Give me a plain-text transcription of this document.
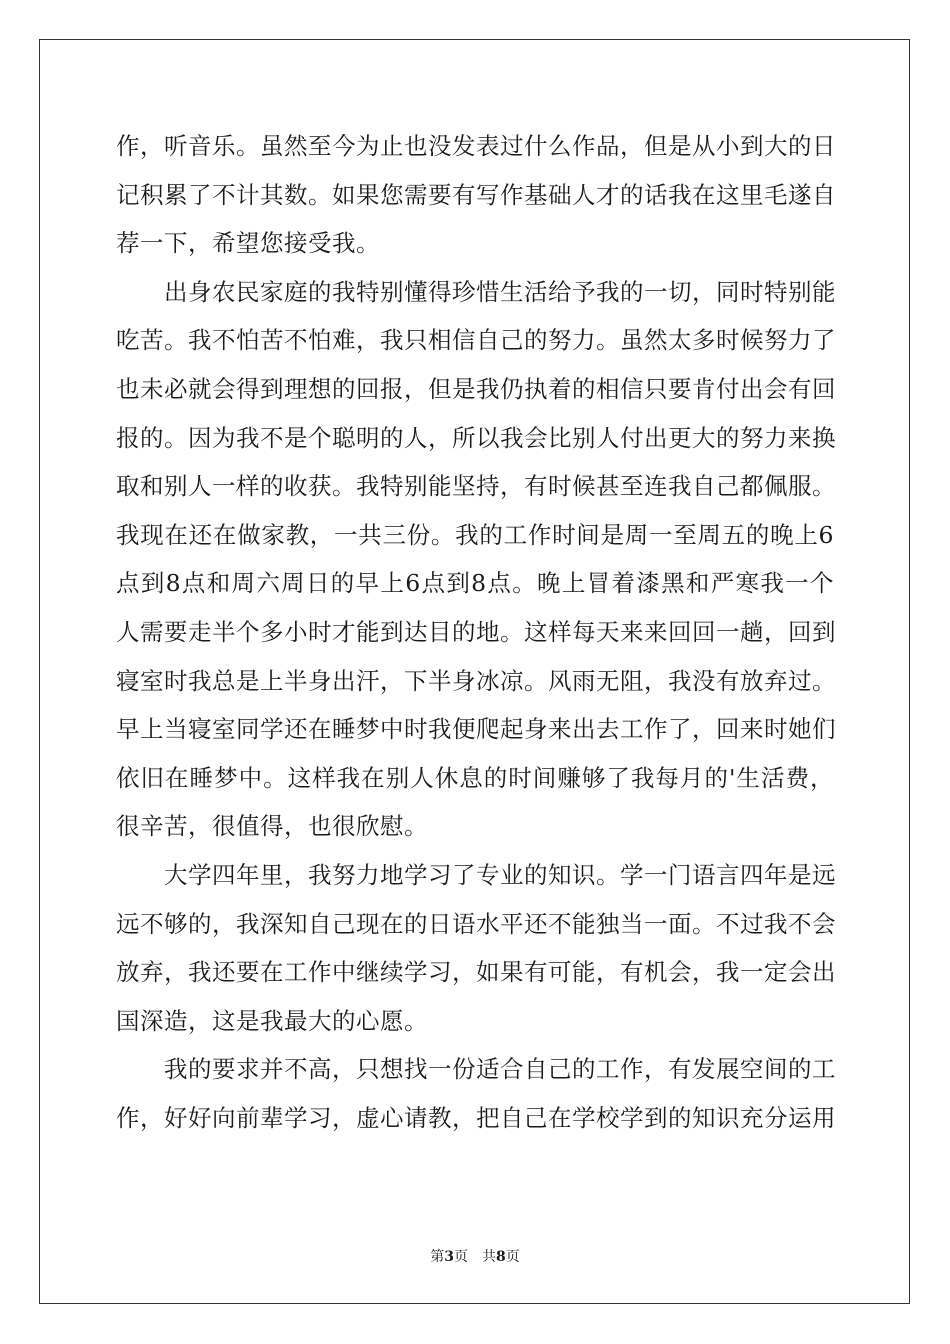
作，听音乐。虽然至今为止也没发表过什么作品，但是从小到大的日
记积累了不计其数。如果您需要有写作基础人才的话我在这里毛遂自
荐一下，希望您接受我。
出身农民家庭的我特别懂得珍惜生活给予我的一切，同时特别能
吃苦。我不怕苦不怕难，我只相信自己的努力。虽然太多时候努力了
也未必就会得到理想的回报，但是我仍执着的相信只要肯付出会有回
报的。因为我不是个聪明的人，所以我会比别人付出更大的努力来换
取和别人一样的收获。我特别能坚持，有时候甚至连我自己都佩服。
我现在还在做家教，一共三份。我的工作时间是周一至周五的晚上6
点到8点和周六周日的早上6点到8点。晚上冒着漆黑和严寒我一个
人需要走半个多小时才能到达目的地。这样每天来来回回一趟，回到
寝室时我总是上半身出汗，下半身冰凉。风雨无阻，我没有放弃过。
早上当寝室同学还在睡梦中时我便爬起身来出去工作了，回来时她们
依旧在睡梦中。这样我在别人休息的时间赚够了我每月的'生活费，
很辛苦，很值得，也很欣慰。
大学四年里，我努力地学习了专业的知识。学一门语言四年是远
远不够的，我深知自己现在的日语水平还不能独当一面。不过我不会
放弃，我还要在工作中继续学习，如果有可能，有机会，我一定会出
国深造，这是我最大的心愿。
我的要求并不高，只想找一份适合自己的工作，有发展空间的工
作，好好向前辈学习，虚心请教，把自己在学校学到的知识充分运用
第3页 共8页
